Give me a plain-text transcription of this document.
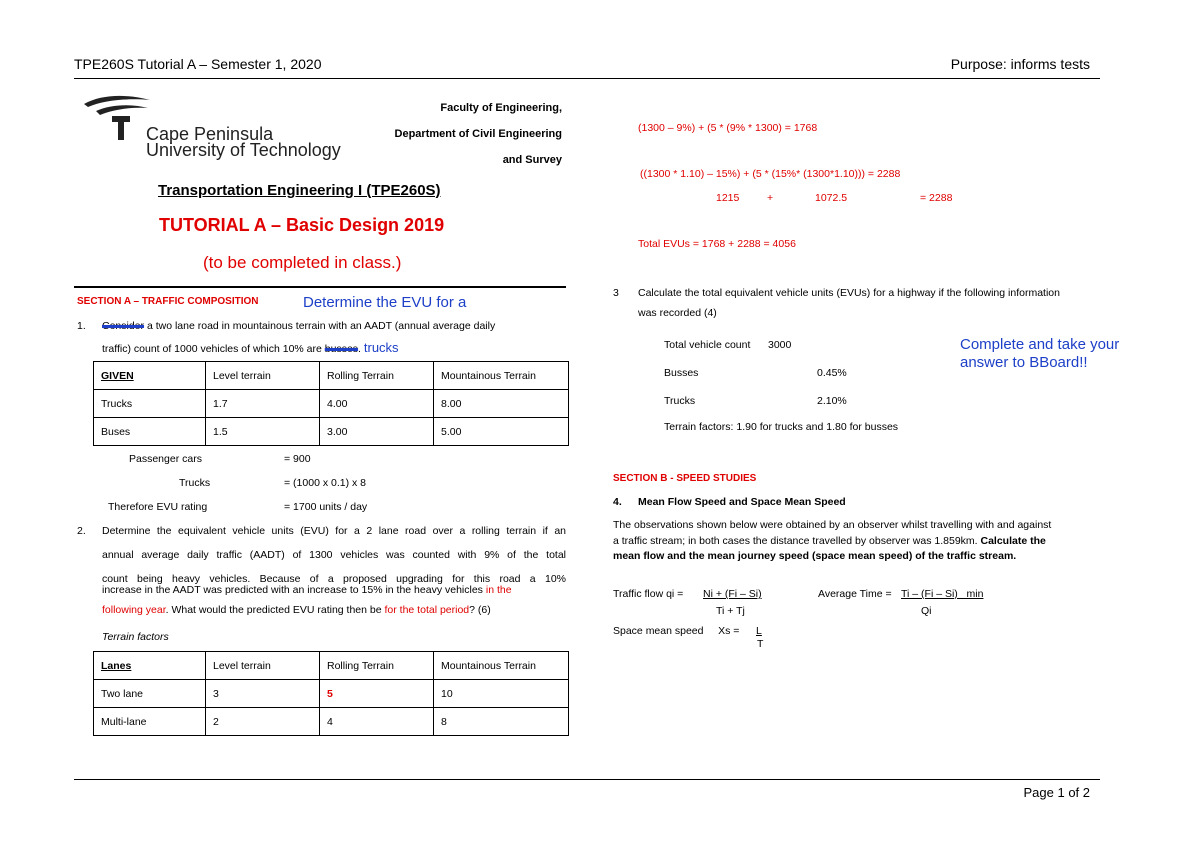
TPE260S Tutorial A – Semester 1, 2020	Purpose: informs tests
Cape Peninsula
University of Technology
Faculty of Engineering,
Department of Civil Engineering
and Survey
Transportation Engineering I (TPE260S)
TUTORIAL A – Basic Design 2019
(to be completed in class.)
SECTION A – TRAFFIC COMPOSITION	Determine the EVU for a
1. Consider a two lane road in mountainous terrain with an AADT (annual average daily
traffic) count of 1000 vehicles of which 10% are busses. trucks
GIVEN	Level terrain	Rolling Terrain	Mountainous Terrain
Trucks	1.7	4.00	8.00
Buses	1.5	3.00	5.00
Passenger cars	= 900
Trucks	= (1000 x 0.1) x 8
Therefore EVU rating	= 1700 units / day
2. Determine the equivalent vehicle units (EVU) for a 2 lane road over a rolling terrain if an
annual average daily traffic (AADT) of 1300 vehicles was counted with 9% of the total
count being heavy vehicles. Because of a proposed upgrading for this road a 10%
increase in the AADT was predicted with an increase to 15% in the heavy vehicles in the
following year. What would the predicted EVU rating then be for the total period? (6)
Terrain factors
Lanes	Level terrain	Rolling Terrain	Mountainous Terrain
Two lane	3	5	10
Multi-lane	2	4	8
(1300 – 9%) + (5 * (9% * 1300) = 1768
((1300 * 1.10) – 15%) + (5 * (15%* (1300*1.10))) = 2288
1215	+	1072.5	= 2288
Total EVUs = 1768 + 2288 = 4056
3 Calculate the total equivalent vehicle units (EVUs) for a highway if the following information
was recorded (4)
Total vehicle count 3000
Busses	0.45%
Trucks	2.10%
Terrain factors: 1.90 for trucks and 1.80 for busses
Complete and take your
answer to BBoard!!
SECTION B - SPEED STUDIES
4. Mean Flow Speed and Space Mean Speed
The observations shown below were obtained by an observer whilst travelling with and against
a traffic stream; in both cases the distance travelled by observer was 1.859km. Calculate the
mean flow and the mean journey speed (space mean speed) of the traffic stream.
Traffic flow qi = Ni + (Fi – Si)
Ti + Tj
Average Time = Ti – (Fi – Si)   min
Qi
Space mean speed     Xs = L
T
Page 1 of 2
